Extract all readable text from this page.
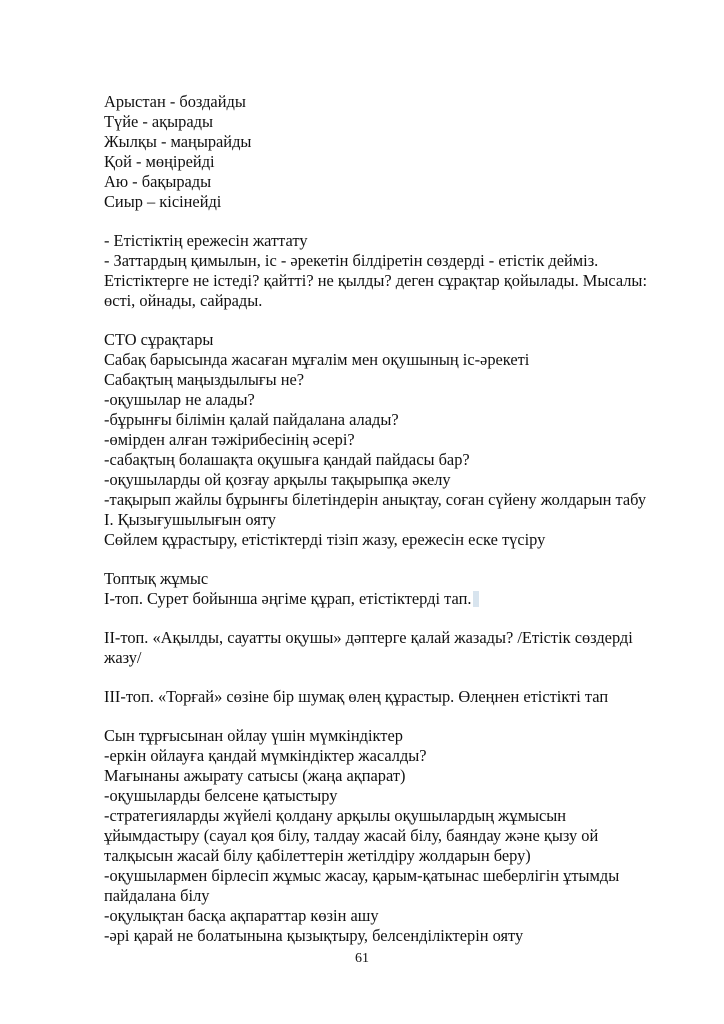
Арыстан - боздайды

Түйе - ақырады

Жылқы - маңырайды

Қой - мөңірейді

Аю - бақырады

Сиыр – кісінейді

- Етістіктің ережесін жаттату

- Заттардың қимылын, іс - әрекетін білдіретін сөздерді - етістік дейміз.

Етістіктерге не істеді? қайтті? не қылды? деген сұрақтар қойылады. Мысалы:

өсті, ойнады, сайрады.

СТО сұрақтары

Сабақ барысында жасаған мұғалім мен оқушының іс-әрекеті

Сабақтың маңыздылығы не?

-оқушылар не алады?

-бұрынғы білімін қалай пайдалана алады?

-өмірден алған тәжірибесінің әсері?

-сабақтың болашақта оқушыға қандай пайдасы бар?

-оқушыларды ой қозғау арқылы тақырыпқа әкелу

-тақырып жайлы бұрынғы білетіндерін анықтау, соған сүйену жолдарын табу

I. Қызығушылығын ояту

Сөйлем құрастыру, етістіктерді тізіп жазу, ережесін еске түсіру

Топтық жұмыс

I-топ. Сурет бойынша әңгіме құрап, етістіктерді тап.

II-топ. «Ақылды, сауатты оқушы» дәптерге қалай жазады? /Етістік сөздерді

жазу/

III-топ. «Торғай» сөзіне бір шумақ өлең құрастыр. Өлеңнен етістікті тап

Сын тұрғысынан ойлау үшін мүмкіндіктер

-еркін ойлауға қандай мүмкіндіктер жасалды?

Мағынаны ажырату сатысы (жаңа ақпарат)

-оқушыларды белсене қатыстыру

-стратегияларды жүйелі қолдану арқылы оқушылардың жұмысын

ұйымдастыру (сауал қоя білу, талдау жасай білу, баяндау және қызу ой

талқысын жасай білу қабілеттерін жетілдіру жолдарын беру)

-оқушылармен бірлесіп жұмыс жасау, қарым-қатынас шеберлігін ұтымды

пайдалана білу

-оқулықтан басқа ақпараттар көзін ашу

-әрі қарай не болатынына қызықтыру, белсенділіктерін ояту

61
